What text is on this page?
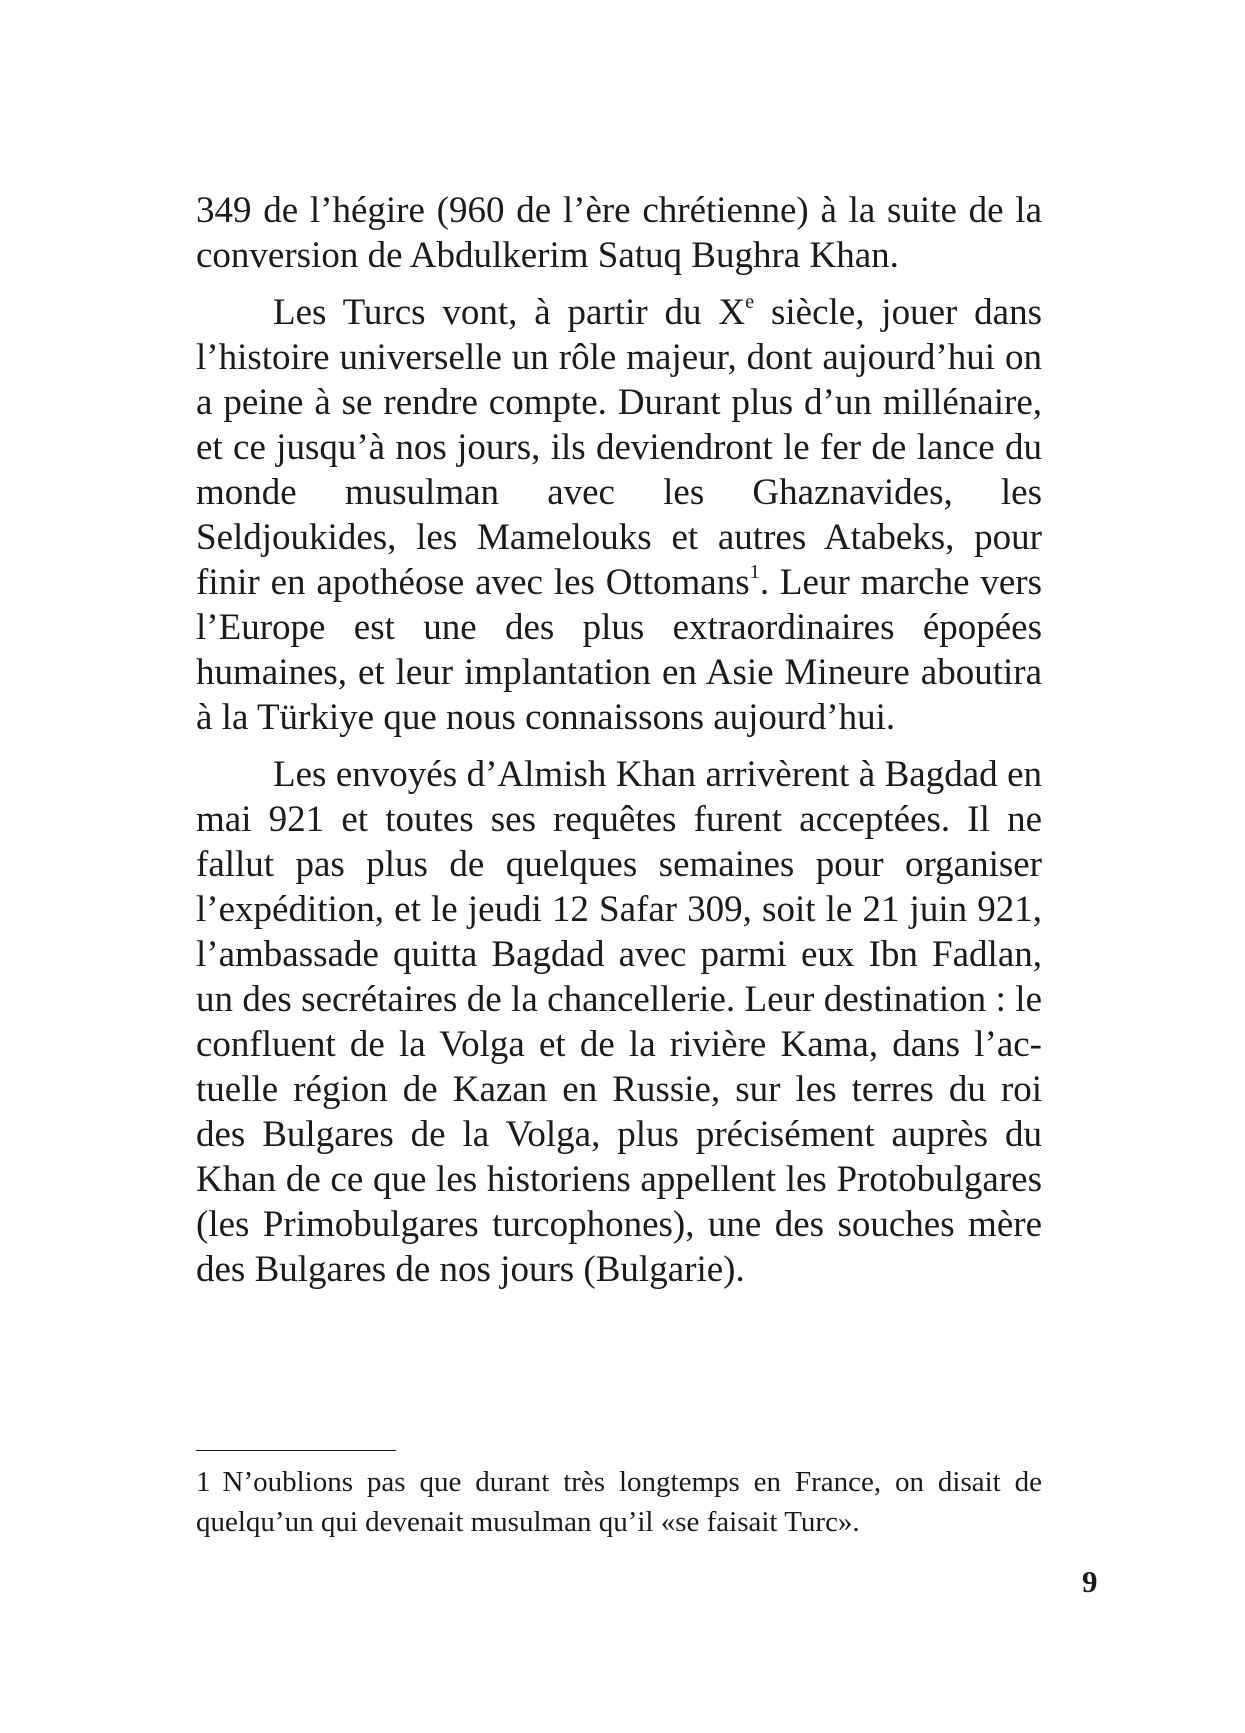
349 de l’hégire (960 de l’ère chrétienne) à la suite de la conversion de Abdulkerim Satuq Bughra Khan.

Les Turcs vont, à partir du Xe siècle, jouer dans l’histoire universelle un rôle majeur, dont aujourd’hui on a peine à se rendre compte. Durant plus d’un millénaire, et ce jusqu’à nos jours, ils deviendront le fer de lance du monde musulman avec les Ghaznavides, les Seldjoukides, les Mamelouks et autres Atabeks, pour finir en apothéose avec les Ottomans$^1$. Leur marche vers l’Europe est une des plus extraordinaires épopées humaines, et leur implantation en Asie Mineure aboutira à la Türkiye que nous connaissons aujourd’hui.

Les envoyés d’Almish Khan arrivèrent à Bagdad en mai 921 et toutes ses requêtes furent acceptées. Il ne fallut pas plus de quelques semaines pour organiser l’expédition, et le jeudi 12 Safar 309, soit le 21 juin 921, l’ambassade quitta Bagdad avec parmi eux Ibn Fadlan, un des secrétaires de la chancellerie. Leur destination : le confluent de la Volga et de la rivière Kama, dans l’actuelle région de Kazan en Russie, sur les terres du roi des Bulgares de la Volga, plus précisément auprès du Khan de ce que les historiens appellent les Protobulgares (les Primobulgares turcophones), une des souches mère des Bulgares de nos jours (Bulgarie).

1 N’oublions pas que durant très longtemps en France, on disait de quelqu’un qui devenait musulman qu’il «se faisait Turc».

9
